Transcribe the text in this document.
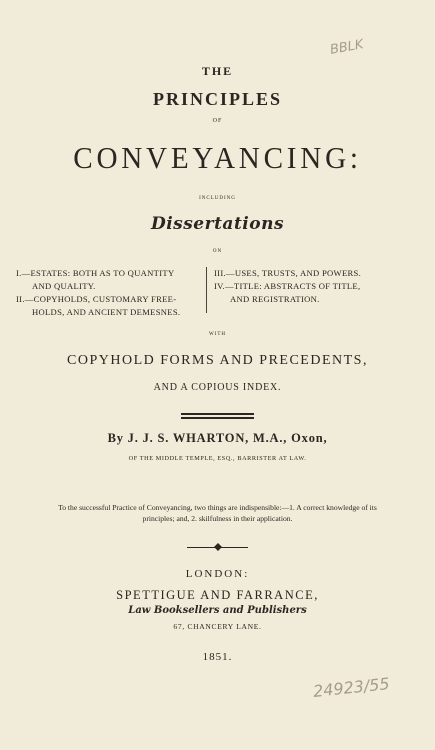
THE
PRINCIPLES
OF
CONVEYANCING:
INCLUDING
Dissertations
ON
I.—ESTATES: BOTH AS TO QUANTITY
AND QUALITY.
II.—COPYHOLDS, CUSTOMARY FREE-
HOLDS, AND ANCIENT DEMESNES.
III.—USES, TRUSTS, AND POWERS.
IV.—TITLE: ABSTRACTS OF TITLE,
AND REGISTRATION.
WITH
COPYHOLD FORMS AND PRECEDENTS,
AND A COPIOUS INDEX.
By J. J. S. WHARTON, M.A., Oxon,
OF THE MIDDLE TEMPLE, ESQ., BARRISTER AT LAW.
To the successful Practice of Conveyancing, two things are indispensible:—1. A correct knowledge of its principles; and, 2. skilfulness in their application.
LONDON:
SPETTIGUE AND FARRANCE,
Law Booksellers and Publishers
67, CHANCERY LANE.
1851.
BBLK
24923/55
